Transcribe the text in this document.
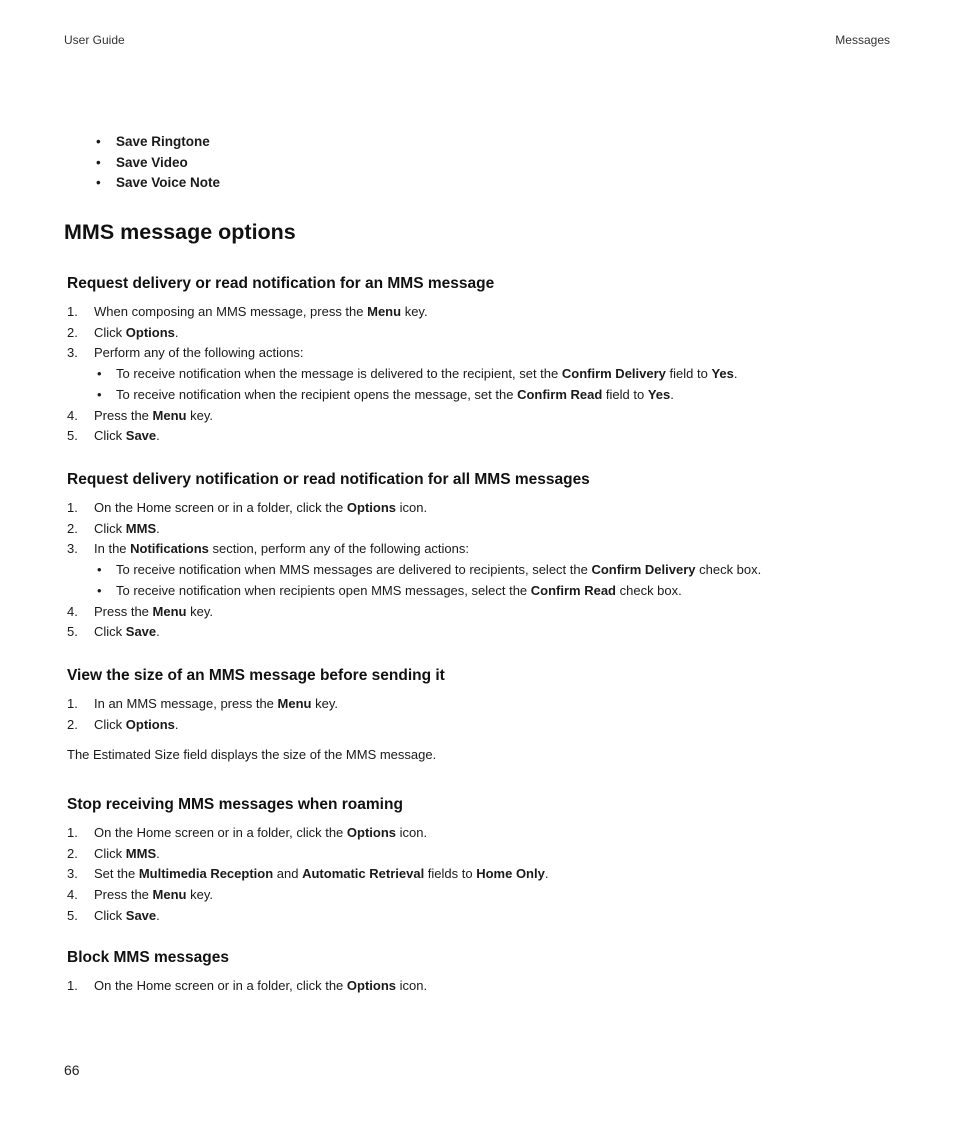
User Guide	Messages
• Save Ringtone
• Save Video
• Save Voice Note
MMS message options
Request delivery or read notification for an MMS message
1. When composing an MMS message, press the Menu key.
2. Click Options.
3. Perform any of the following actions:
• To receive notification when the message is delivered to the recipient, set the Confirm Delivery field to Yes.
• To receive notification when the recipient opens the message, set the Confirm Read field to Yes.
4. Press the Menu key.
5. Click Save.
Request delivery notification or read notification for all MMS messages
1. On the Home screen or in a folder, click the Options icon.
2. Click MMS.
3. In the Notifications section, perform any of the following actions:
• To receive notification when MMS messages are delivered to recipients, select the Confirm Delivery check box.
• To receive notification when recipients open MMS messages, select the Confirm Read check box.
4. Press the Menu key.
5. Click Save.
View the size of an MMS message before sending it
1. In an MMS message, press the Menu key.
2. Click Options.
The Estimated Size field displays the size of the MMS message.
Stop receiving MMS messages when roaming
1. On the Home screen or in a folder, click the Options icon.
2. Click MMS.
3. Set the Multimedia Reception and Automatic Retrieval fields to Home Only.
4. Press the Menu key.
5. Click Save.
Block MMS messages
1. On the Home screen or in a folder, click the Options icon.
66
